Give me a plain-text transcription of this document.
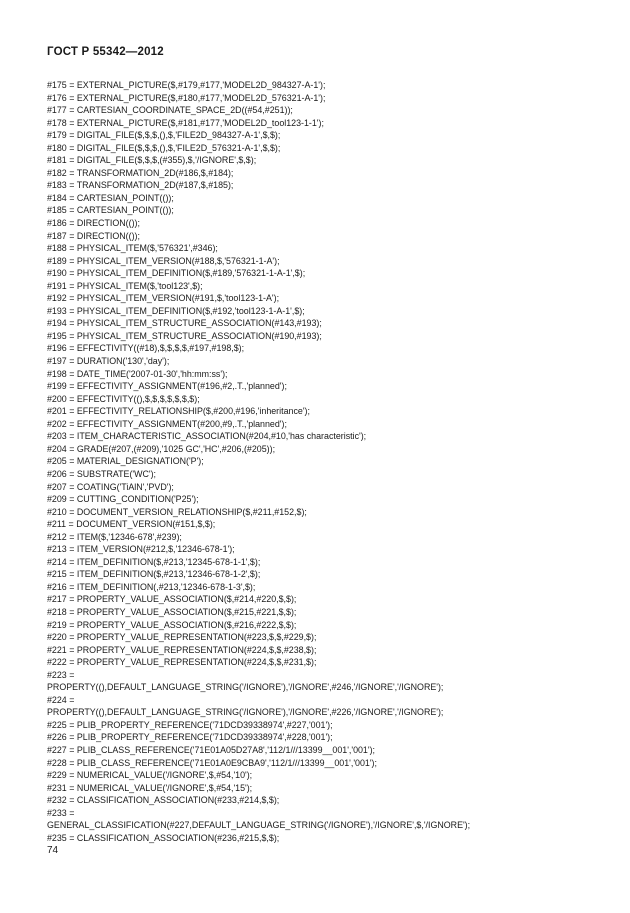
ГОСТ Р 55342—2012
#175 = EXTERNAL_PICTURE($,#179,#177,'MODEL2D_984327-A-1');
#176 = EXTERNAL_PICTURE($,#180,#177,'MODEL2D_576321-A-1');
#177 = CARTESIAN_COORDINATE_SPACE_2D((#54,#251));
#178 = EXTERNAL_PICTURE($,#181,#177,'MODEL2D_tool123-1-1');
#179 = DIGITAL_FILE($,$,$,(),$,'FILE2D_984327-A-1',$,$);
#180 = DIGITAL_FILE($,$,$,(),$,'FILE2D_576321-A-1',$,$);
#181 = DIGITAL_FILE($,$,$,(#355),$,'/IGNORE',$,$);
#182 = TRANSFORMATION_2D(#186,$,#184);
#183 = TRANSFORMATION_2D(#187,$,#185);
#184 = CARTESIAN_POINT(());
#185 = CARTESIAN_POINT(());
#186 = DIRECTION(());
#187 = DIRECTION(());
#188 = PHYSICAL_ITEM($,'576321',#346);
#189 = PHYSICAL_ITEM_VERSION(#188,$,'576321-1-A');
#190 = PHYSICAL_ITEM_DEFINITION($,#189,'576321-1-A-1',$);
#191 = PHYSICAL_ITEM($,'tool123',$);
#192 = PHYSICAL_ITEM_VERSION(#191,$,'tool123-1-A');
#193 = PHYSICAL_ITEM_DEFINITION($,#192,'tool123-1-A-1',$);
#194 = PHYSICAL_ITEM_STRUCTURE_ASSOCIATION(#143,#193);
#195 = PHYSICAL_ITEM_STRUCTURE_ASSOCIATION(#190,#193);
#196 = EFFECTIVITY((#18),$,$,$,$,#197,#198,$);
#197 = DURATION('130','day');
#198 = DATE_TIME('2007-01-30','hh:mm:ss');
#199 = EFFECTIVITY_ASSIGNMENT(#196,#2,.T.,'planned');
#200 = EFFECTIVITY((),$,$,$,$,$,$,$);
#201 = EFFECTIVITY_RELATIONSHIP($,#200,#196,'inheritance');
#202 = EFFECTIVITY_ASSIGNMENT(#200,#9,.T.,'planned');
#203 = ITEM_CHARACTERISTIC_ASSOCIATION(#204,#10,'has characteristic');
#204 = GRADE(#207,(#209),'1025 GC','HC',#206,(#205));
#205 = MATERIAL_DESIGNATION('P');
#206 = SUBSTRATE('WC');
#207 = COATING('TiAlN','PVD');
#209 = CUTTING_CONDITION('P25');
#210 = DOCUMENT_VERSION_RELATIONSHIP($,#211,#152,$);
#211 = DOCUMENT_VERSION(#151,$,$);
#212 = ITEM($,'12346-678',#239);
#213 = ITEM_VERSION(#212,$,'12346-678-1');
#214 = ITEM_DEFINITION($,#213,'12345-678-1-1',$);
#215 = ITEM_DEFINITION($,#213,'12346-678-1-2',$);
#216 = ITEM_DEFINITION(,#213,'12346-678-1-3',$);
#217 = PROPERTY_VALUE_ASSOCIATION($,#214,#220,$,$);
#218 = PROPERTY_VALUE_ASSOCIATION($,#215,#221,$,$);
#219 = PROPERTY_VALUE_ASSOCIATION($,#216,#222,$,$);
#220 = PROPERTY_VALUE_REPRESENTATION(#223,$,$,#229,$);
#221 = PROPERTY_VALUE_REPRESENTATION(#224,$,$,#238,$);
#222 = PROPERTY_VALUE_REPRESENTATION(#224,$,$,#231,$);
#223 =
PROPERTY((),DEFAULT_LANGUAGE_STRING('/IGNORE'),'/IGNORE',#246,'/IGNORE','/IGNORE');
#224 =
PROPERTY((),DEFAULT_LANGUAGE_STRING('/IGNORE'),'/IGNORE',#226,'/IGNORE','/IGNORE');
#225 = PLIB_PROPERTY_REFERENCE('71DCD39338974',#227,'001');
#226 = PLIB_PROPERTY_REFERENCE('71DCD39338974',#228,'001');
#227 = PLIB_CLASS_REFERENCE('71E01A05D27A8','112/1///13399__001','001');
#228 = PLIB_CLASS_REFERENCE('71E01A0E9CBA9','112/1///13399__001','001');
#229 = NUMERICAL_VALUE('/IGNORE',$,#54,'10');
#231 = NUMERICAL_VALUE('/IGNORE',$,#54,'15');
#232 = CLASSIFICATION_ASSOCIATION(#233,#214,$,$);
#233 =
GENERAL_CLASSIFICATION(#227,DEFAULT_LANGUAGE_STRING('/IGNORE'),'/IGNORE',$,'/IGNORE');
#235 = CLASSIFICATION_ASSOCIATION(#236,#215,$,$);
74
